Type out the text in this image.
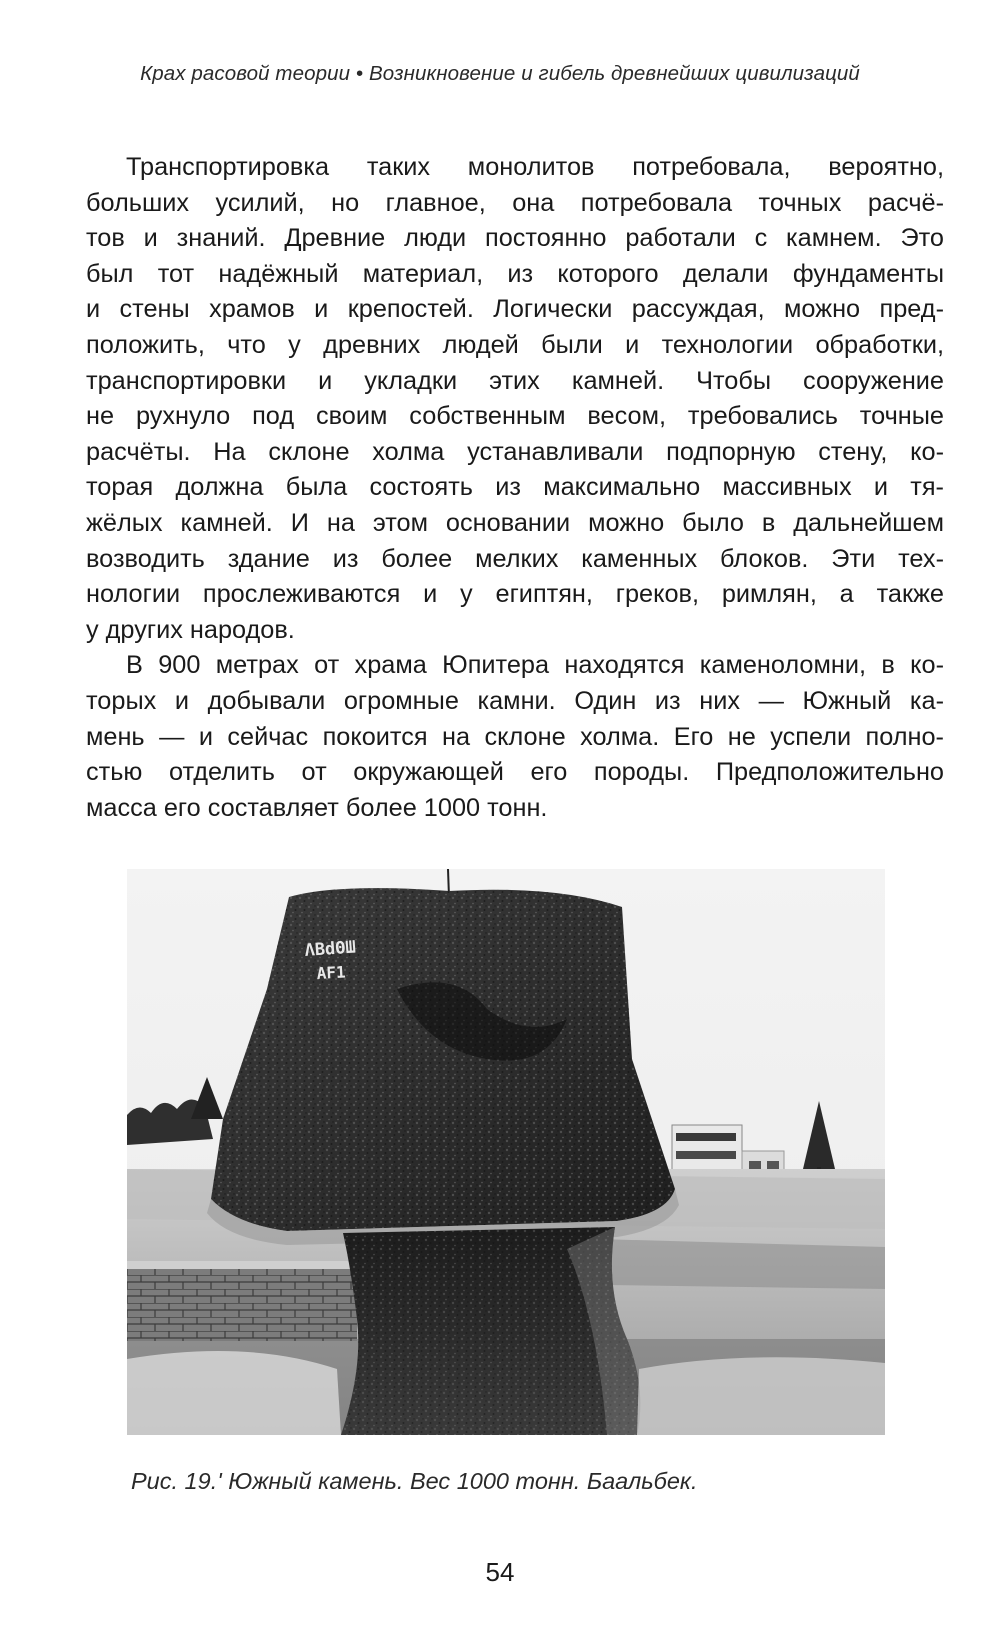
Крах расовой теории • Возникновение и гибель древнейших цивилизаций

Транспортировка таких монолитов потребовала, вероятно,
больших усилий, но главное, она потребовала точных расчё-
тов и знаний. Древние люди постоянно работали с камнем. Это
был тот надёжный материал, из которого делали фундаменты
и стены храмов и крепостей. Логически рассуждая, можно пред-
положить, что у древних людей были и технологии обработки,
транспортировки и укладки этих камней. Чтобы сооружение
не рухнуло под своим собственным весом, требовались точные
расчёты. На склоне холма устанавливали подпорную стену, ко-
торая должна была состоять из максимально массивных и тя-
жёлых камней. И на этом основании можно было в дальнейшем
возводить здание из более мелких каменных блоков. Эти тех-
нологии прослеживаются и у египтян, греков, римлян, а также
у других народов.

В 900 метрах от храма Юпитера находятся каменоломни, в ко-
торых и добывали огромные камни. Один из них — Южный ка-
мень — и сейчас покоится на склоне холма. Его не успели полно-
стью отделить от окружающей его породы. Предположительно
масса его составляет более 1000 тонн.

ΛΒdΘШ
AF1
Рис. 19.' Южный камень. Вес 1000 тонн. Баальбек.
54
